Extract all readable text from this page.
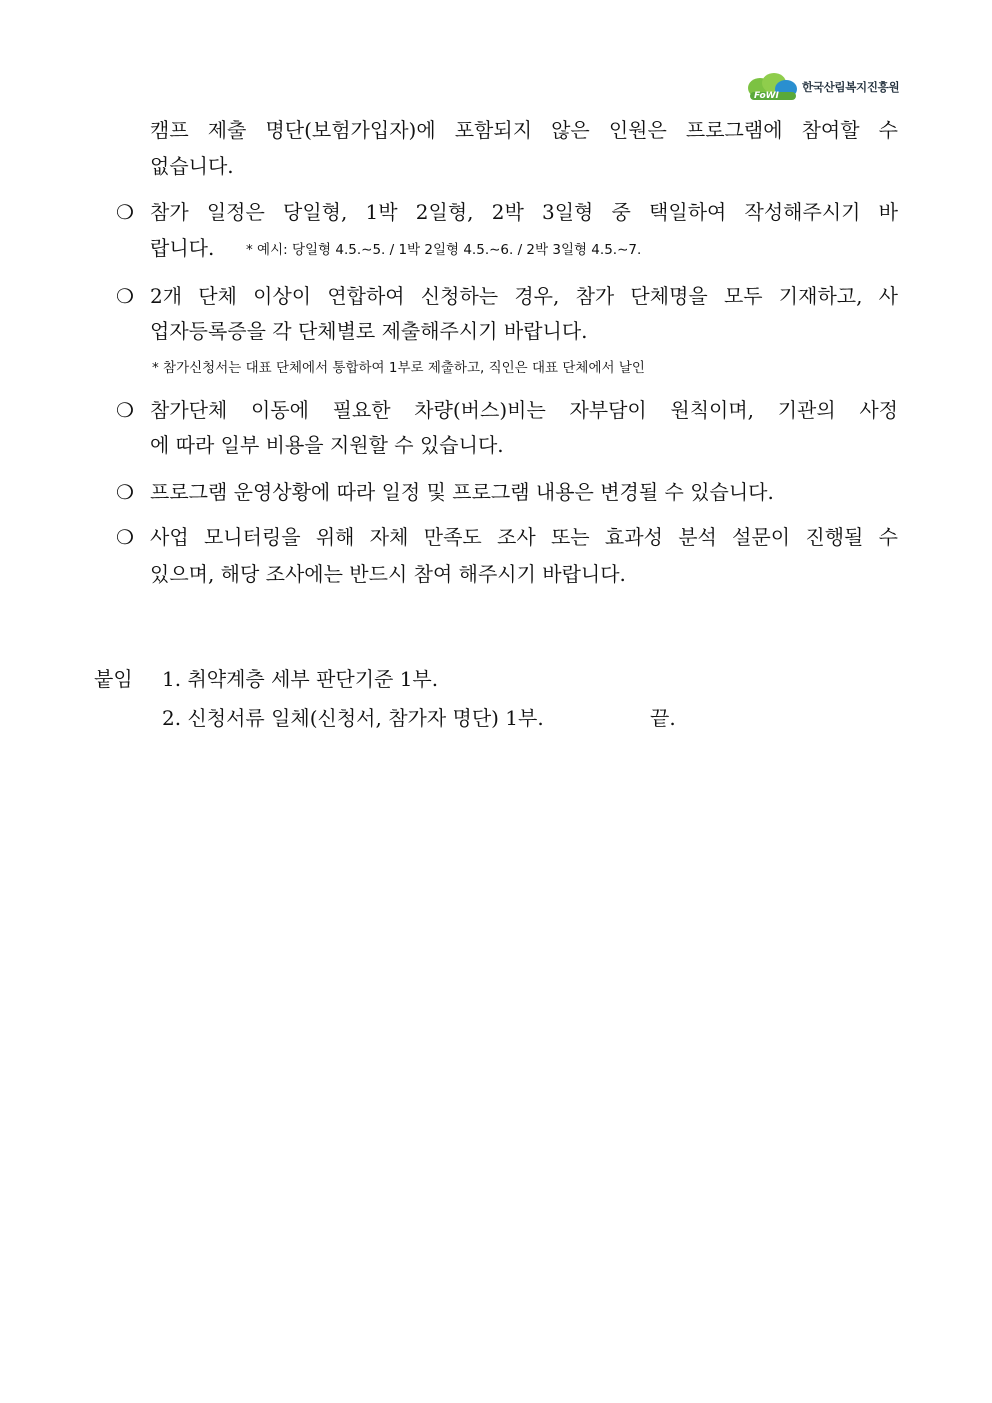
FoWI
한국산림복지진흥원
캠프 제출 명단(보험가입자)에 포함되지 않은 인원은 프로그램에 참여할 수
없습니다.
❍ 참가 일정은 당일형, 1박 2일형, 2박 3일형 중 택일하여 작성해주시기 바
랍니다. * 예시: 당일형 4.5.∼5. / 1박 2일형 4.5.∼6. / 2박 3일형 4.5.∼7.
❍ 2개 단체 이상이 연합하여 신청하는 경우, 참가 단체명을 모두 기재하고, 사
업자등록증을 각 단체별로 제출해주시기 바랍니다.
* 참가신청서는 대표 단체에서 통합하여 1부로 제출하고, 직인은 대표 단체에서 날인
❍ 참가단체 이동에 필요한 차량(버스)비는 자부담이 원칙이며, 기관의 사정
에 따라 일부 비용을 지원할 수 있습니다.
❍ 프로그램 운영상황에 따라 일정 및 프로그램 내용은 변경될 수 있습니다.
❍ 사업 모니터링을 위해 자체 만족도 조사 또는 효과성 분석 설문이 진행될 수
있으며, 해당 조사에는 반드시 참여 해주시기 바랍니다.
붙임 1. 취약계층 세부 판단기준 1부.
2. 신청서류 일체(신청서, 참가자 명단) 1부.	끝.
